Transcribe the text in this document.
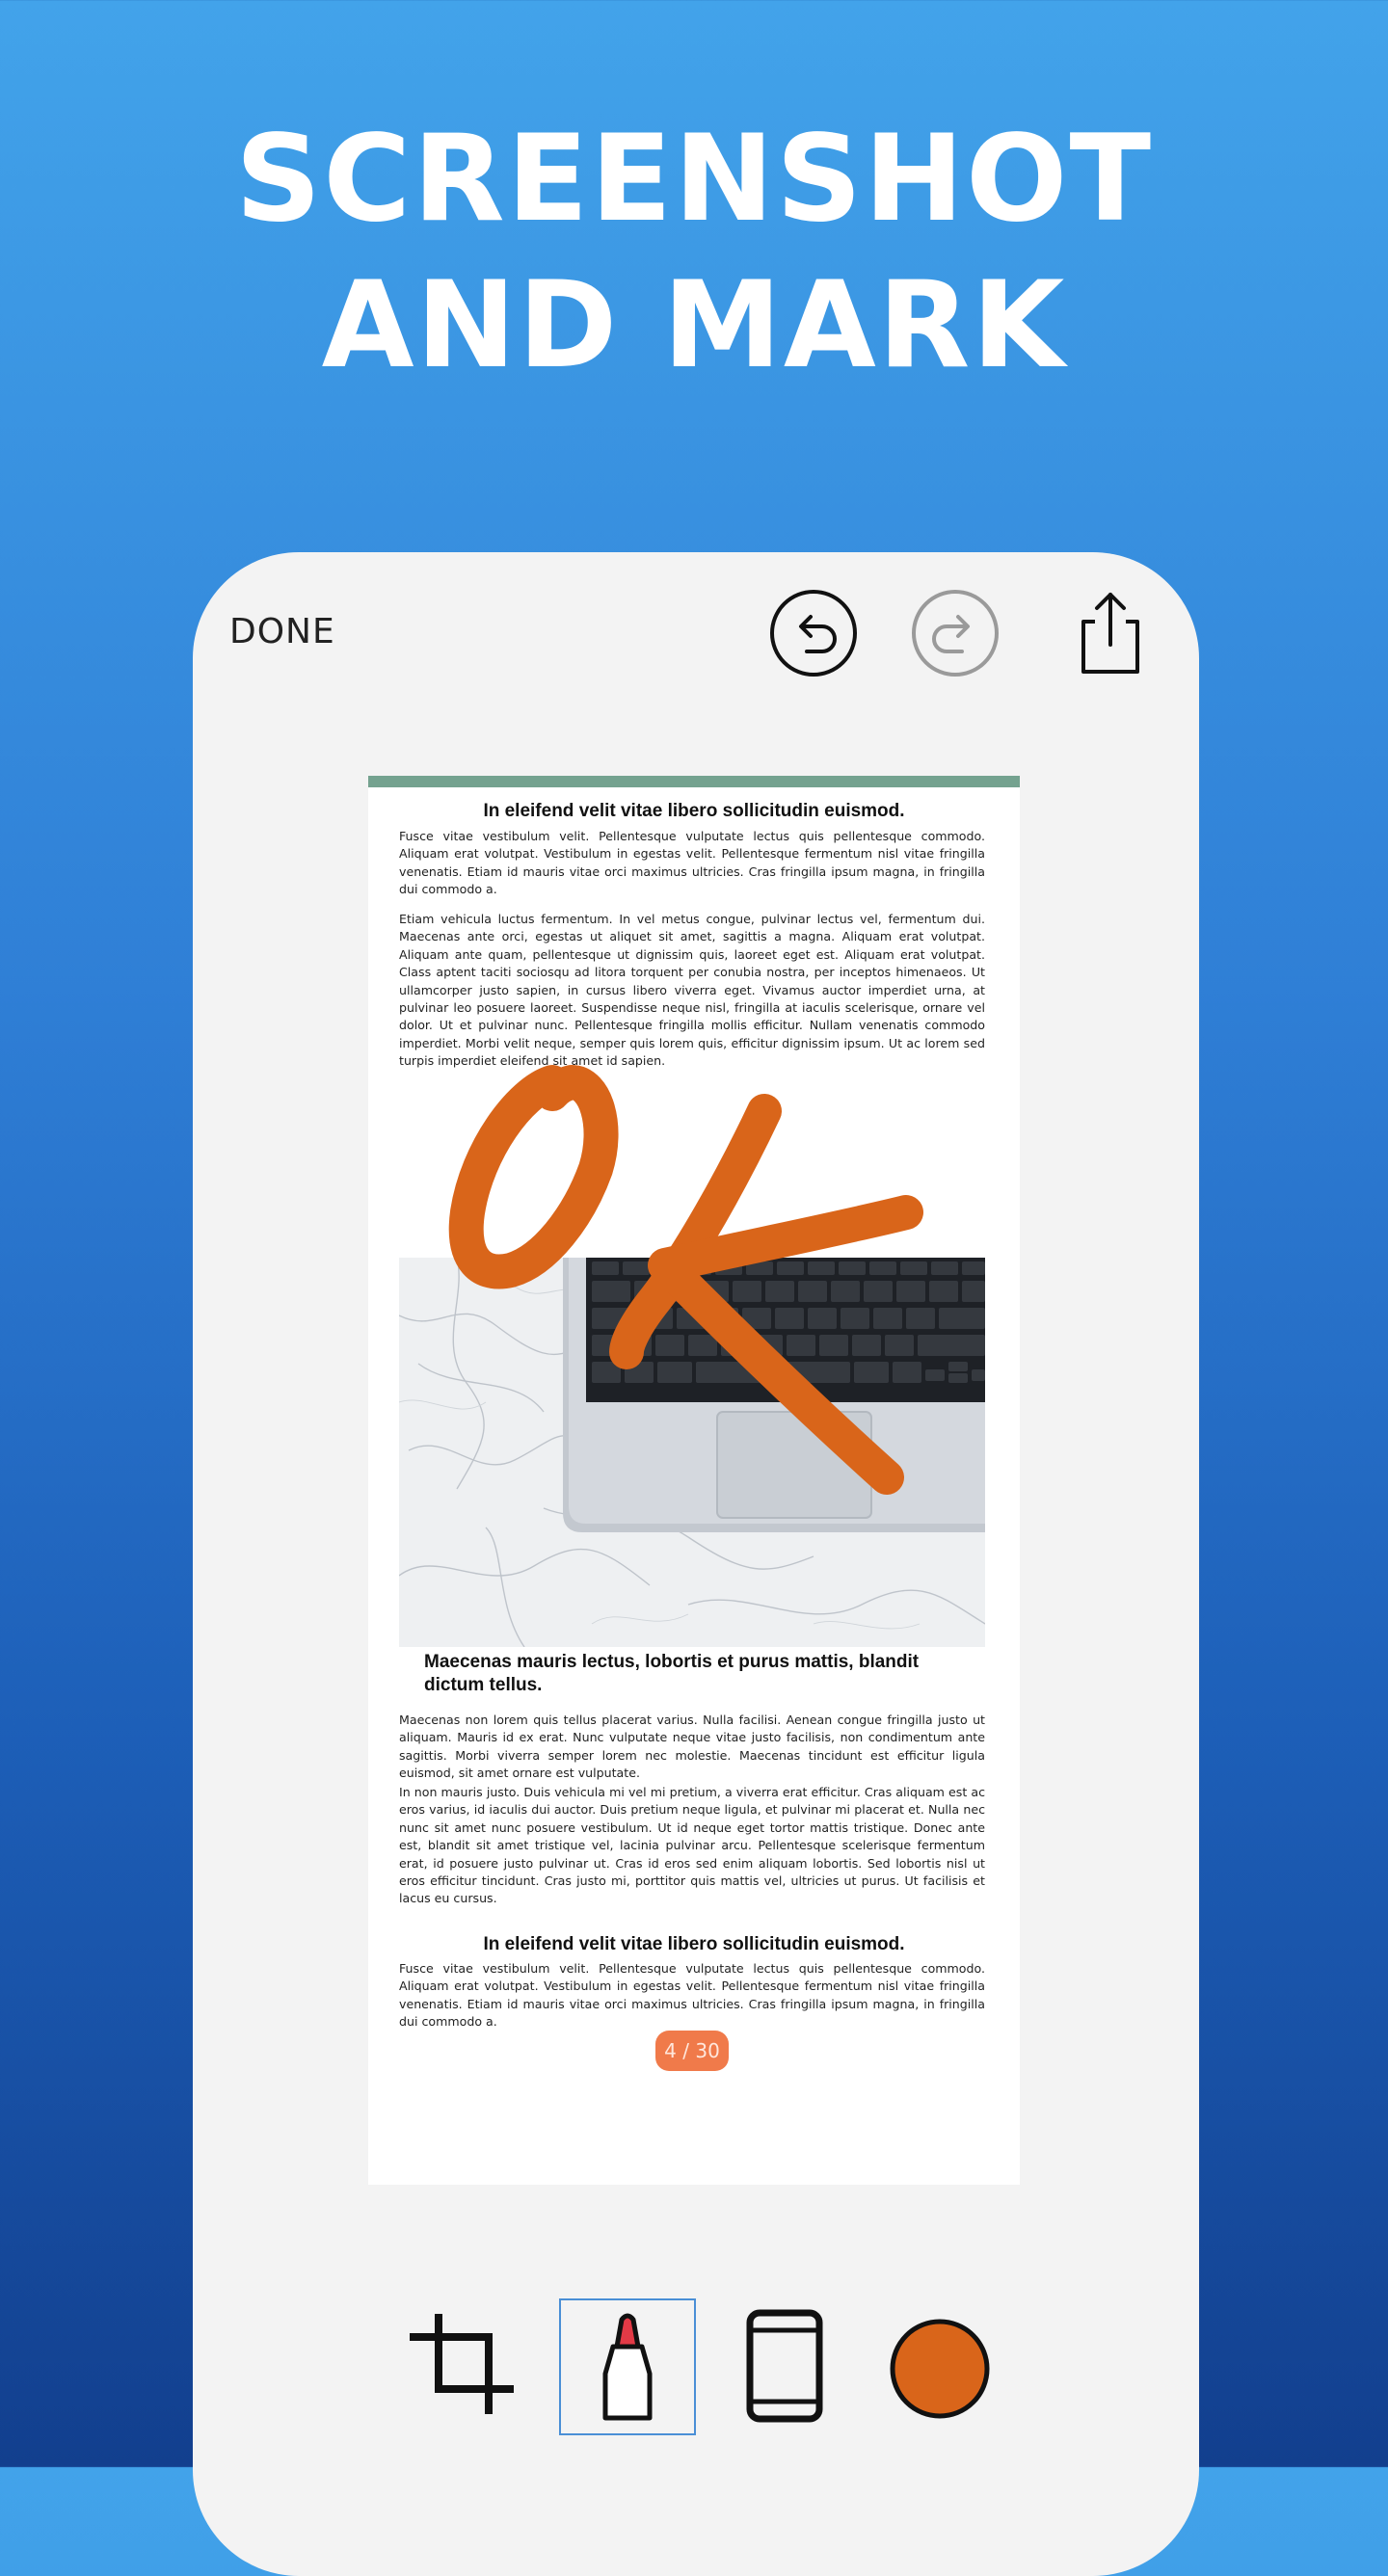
SCREENSHOT
AND MARK
DONE
In eleifend velit vitae libero sollicitudin euismod.
Fusce vitae vestibulum velit. Pellentesque vulputate lectus quis pellentesque commodo. Aliquam erat volutpat. Vestibulum in egestas velit. Pellentesque fermentum nisl vitae fringilla venenatis. Etiam id mauris vitae orci maximus ultricies. Cras fringilla ipsum magna, in fringilla dui commodo a.
Etiam vehicula luctus fermentum. In vel metus congue, pulvinar lectus vel, fermentum dui. Maecenas ante orci, egestas ut aliquet sit amet, sagittis a magna. Aliquam erat volutpat. Aliquam ante quam, pellentesque ut dignissim quis, laoreet eget est. Aliquam erat volutpat. Class aptent taciti sociosqu ad litora torquent per conubia nostra, per inceptos himenaeos. Ut ullamcorper justo sapien, in cursus libero viverra eget. Vivamus auctor imperdiet urna, at pulvinar leo posuere laoreet. Suspendisse neque nisl, fringilla at iaculis scelerisque, ornare vel dolor. Ut et pulvinar nunc. Pellentesque fringilla mollis efficitur. Nullam venenatis commodo imperdiet. Morbi velit neque, semper quis lorem quis, efficitur dignissim ipsum. Ut ac lorem sed turpis imperdiet eleifend sit amet id sapien.
Maecenas mauris lectus, lobortis et purus mattis, blandit dictum tellus.
Maecenas non lorem quis tellus placerat varius. Nulla facilisi. Aenean congue fringilla justo ut aliquam. Mauris id ex erat. Nunc vulputate neque vitae justo facilisis, non condimentum ante sagittis. Morbi viverra semper lorem nec molestie. Maecenas tincidunt est efficitur ligula euismod, sit amet ornare est vulputate.
In non mauris justo. Duis vehicula mi vel mi pretium, a viverra erat efficitur. Cras aliquam est ac eros varius, id iaculis dui auctor. Duis pretium neque ligula, et pulvinar mi placerat et. Nulla nec nunc sit amet nunc posuere vestibulum. Ut id neque eget tortor mattis tristique. Donec ante est, blandit sit amet tristique vel, lacinia pulvinar arcu. Pellentesque scelerisque fermentum erat, id posuere justo pulvinar ut. Cras id eros sed enim aliquam lobortis. Sed lobortis nisl ut eros efficitur tincidunt. Cras justo mi, porttitor quis mattis vel, ultricies ut purus. Ut facilisis et lacus eu cursus.
In eleifend velit vitae libero sollicitudin euismod.
Fusce vitae vestibulum velit. Pellentesque vulputate lectus quis pellentesque commodo. Aliquam erat volutpat. Vestibulum in egestas velit. Pellentesque fermentum nisl vitae fringilla venenatis. Etiam id mauris vitae orci maximus ultricies. Cras fringilla ipsum magna, in fringilla dui commodo a.
4 / 30
